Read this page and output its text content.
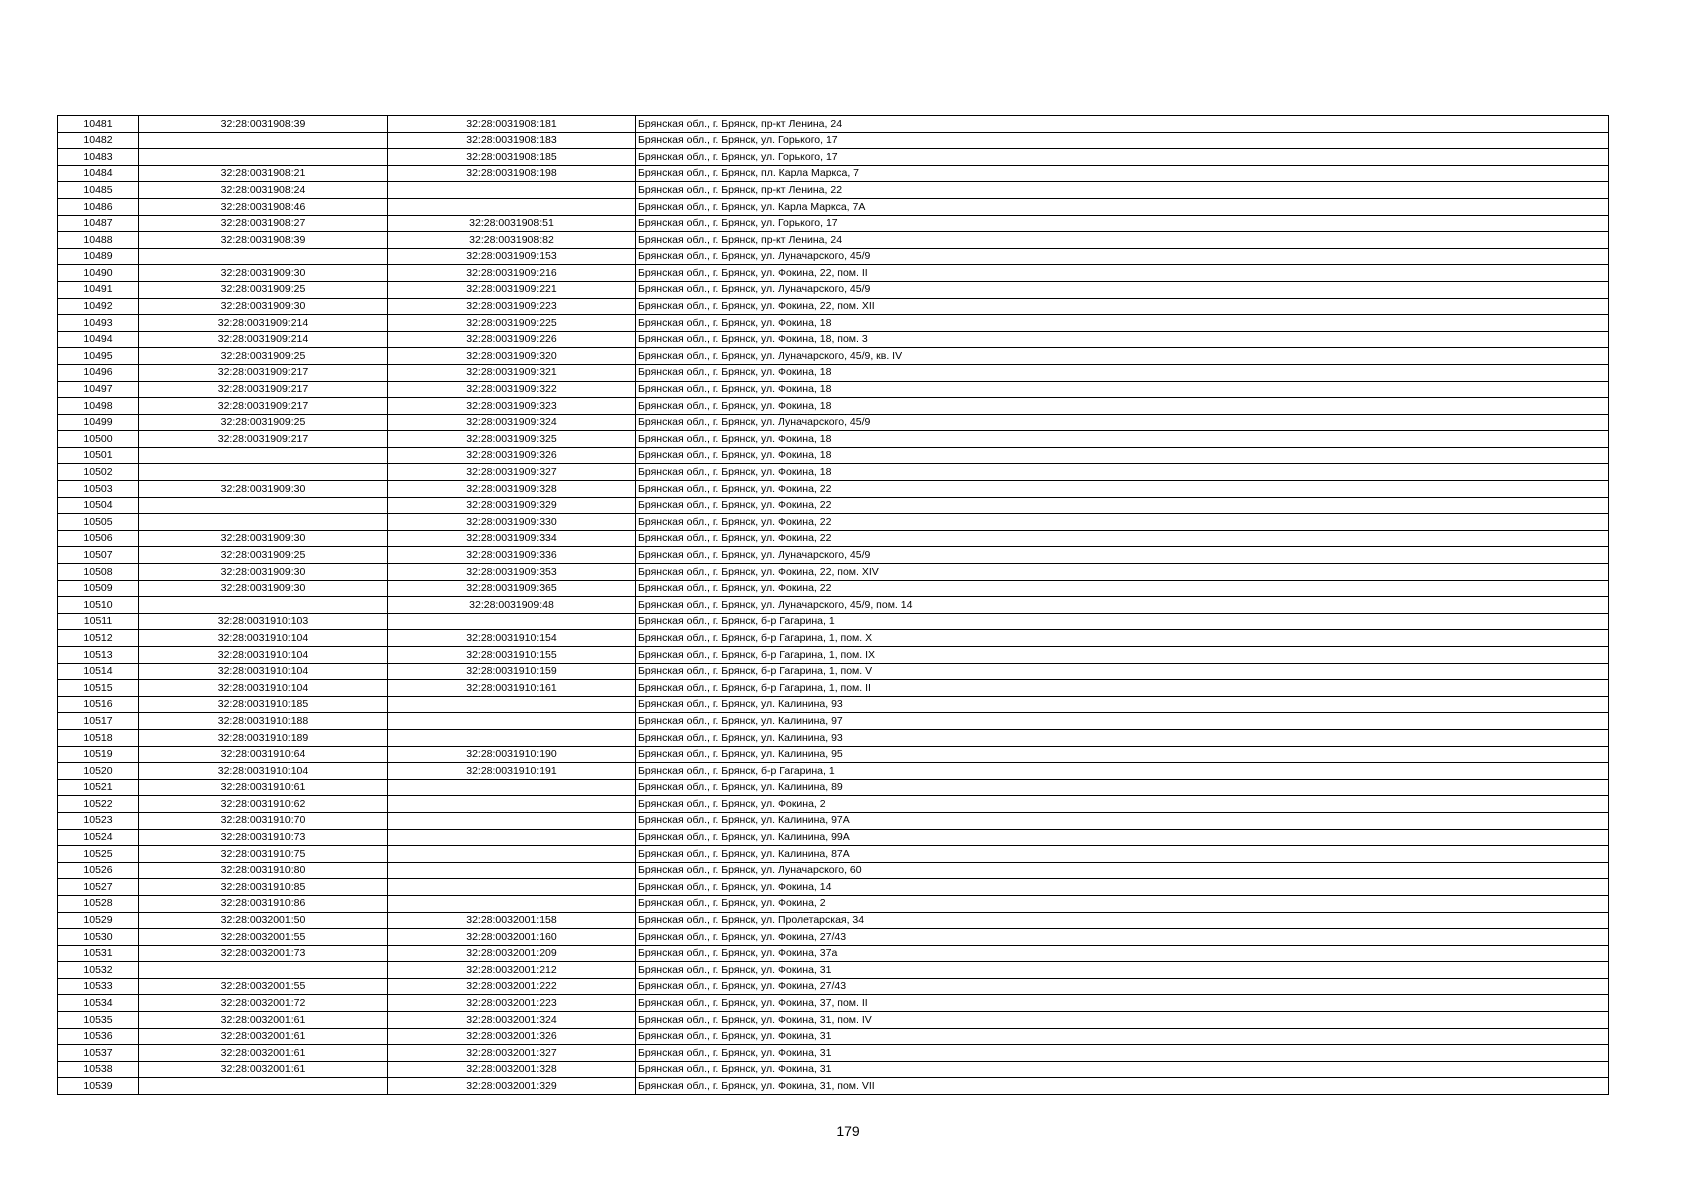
10481	32:28:0031908:39	32:28:0031908:181	Брянская обл., г. Брянск, пр-кт Ленина, 24
10482		32:28:0031908:183	Брянская обл., г. Брянск, ул. Горького, 17
10483		32:28:0031908:185	Брянская обл., г. Брянск, ул. Горького, 17
10484	32:28:0031908:21	32:28:0031908:198	Брянская обл., г. Брянск, пл. Карла Маркса, 7
10485	32:28:0031908:24		Брянская обл., г. Брянск, пр-кт Ленина, 22
10486	32:28:0031908:46		Брянская обл., г. Брянск, ул. Карла Маркса, 7А
10487	32:28:0031908:27	32:28:0031908:51	Брянская обл., г. Брянск, ул. Горького, 17
10488	32:28:0031908:39	32:28:0031908:82	Брянская обл., г. Брянск, пр-кт Ленина, 24
10489		32:28:0031909:153	Брянская обл., г. Брянск, ул. Луначарского, 45/9
10490	32:28:0031909:30	32:28:0031909:216	Брянская обл., г. Брянск, ул. Фокина, 22, пом. II
10491	32:28:0031909:25	32:28:0031909:221	Брянская обл., г. Брянск, ул. Луначарского, 45/9
10492	32:28:0031909:30	32:28:0031909:223	Брянская обл., г. Брянск, ул. Фокина, 22, пом. XII
10493	32:28:0031909:214	32:28:0031909:225	Брянская обл., г. Брянск, ул. Фокина, 18
10494	32:28:0031909:214	32:28:0031909:226	Брянская обл., г. Брянск, ул. Фокина, 18, пом. 3
10495	32:28:0031909:25	32:28:0031909:320	Брянская обл., г. Брянск, ул. Луначарского, 45/9, кв. IV
10496	32:28:0031909:217	32:28:0031909:321	Брянская обл., г. Брянск, ул. Фокина, 18
10497	32:28:0031909:217	32:28:0031909:322	Брянская обл., г. Брянск, ул. Фокина, 18
10498	32:28:0031909:217	32:28:0031909:323	Брянская обл., г. Брянск, ул. Фокина, 18
10499	32:28:0031909:25	32:28:0031909:324	Брянская обл., г. Брянск, ул. Луначарского, 45/9
10500	32:28:0031909:217	32:28:0031909:325	Брянская обл., г. Брянск, ул. Фокина, 18
10501		32:28:0031909:326	Брянская обл., г. Брянск, ул. Фокина, 18
10502		32:28:0031909:327	Брянская обл., г. Брянск, ул. Фокина, 18
10503	32:28:0031909:30	32:28:0031909:328	Брянская обл., г. Брянск, ул. Фокина, 22
10504		32:28:0031909:329	Брянская обл., г. Брянск, ул. Фокина, 22
10505		32:28:0031909:330	Брянская обл., г. Брянск, ул. Фокина, 22
10506	32:28:0031909:30	32:28:0031909:334	Брянская обл., г. Брянск, ул. Фокина, 22
10507	32:28:0031909:25	32:28:0031909:336	Брянская обл., г. Брянск, ул. Луначарского, 45/9
10508	32:28:0031909:30	32:28:0031909:353	Брянская обл., г. Брянск, ул. Фокина, 22, пом. XIV
10509	32:28:0031909:30	32:28:0031909:365	Брянская обл., г. Брянск, ул. Фокина, 22
10510		32:28:0031909:48	Брянская обл., г. Брянск, ул. Луначарского, 45/9, пом. 14
10511	32:28:0031910:103		Брянская обл., г. Брянск, б-р Гагарина, 1
10512	32:28:0031910:104	32:28:0031910:154	Брянская обл., г. Брянск, б-р Гагарина, 1, пом. X
10513	32:28:0031910:104	32:28:0031910:155	Брянская обл., г. Брянск, б-р Гагарина, 1, пом. IX
10514	32:28:0031910:104	32:28:0031910:159	Брянская обл., г. Брянск, б-р Гагарина, 1, пом. V
10515	32:28:0031910:104	32:28:0031910:161	Брянская обл., г. Брянск, б-р Гагарина, 1, пом. II
10516	32:28:0031910:185		Брянская обл., г. Брянск, ул. Калинина, 93
10517	32:28:0031910:188		Брянская обл., г. Брянск, ул. Калинина, 97
10518	32:28:0031910:189		Брянская обл., г. Брянск, ул. Калинина, 93
10519	32:28:0031910:64	32:28:0031910:190	Брянская обл., г. Брянск, ул. Калинина, 95
10520	32:28:0031910:104	32:28:0031910:191	Брянская обл., г. Брянск, б-р Гагарина, 1
10521	32:28:0031910:61		Брянская обл., г. Брянск, ул. Калинина, 89
10522	32:28:0031910:62		Брянская обл., г. Брянск, ул. Фокина, 2
10523	32:28:0031910:70		Брянская обл., г. Брянск, ул. Калинина, 97А
10524	32:28:0031910:73		Брянская обл., г. Брянск, ул. Калинина, 99А
10525	32:28:0031910:75		Брянская обл., г. Брянск, ул. Калинина, 87А
10526	32:28:0031910:80		Брянская обл., г. Брянск, ул. Луначарского, 60
10527	32:28:0031910:85		Брянская обл., г. Брянск, ул. Фокина, 14
10528	32:28:0031910:86		Брянская обл., г. Брянск, ул. Фокина, 2
10529	32:28:0032001:50	32:28:0032001:158	Брянская обл., г. Брянск, ул. Пролетарская, 34
10530	32:28:0032001:55	32:28:0032001:160	Брянская обл., г. Брянск, ул. Фокина, 27/43
10531	32:28:0032001:73	32:28:0032001:209	Брянская обл., г. Брянск, ул. Фокина, 37а
10532		32:28:0032001:212	Брянская обл., г. Брянск, ул. Фокина, 31
10533	32:28:0032001:55	32:28:0032001:222	Брянская обл., г. Брянск, ул. Фокина, 27/43
10534	32:28:0032001:72	32:28:0032001:223	Брянская обл., г. Брянск, ул. Фокина, 37, пом. II
10535	32:28:0032001:61	32:28:0032001:324	Брянская обл., г. Брянск, ул. Фокина, 31, пом. IV
10536	32:28:0032001:61	32:28:0032001:326	Брянская обл., г. Брянск, ул. Фокина, 31
10537	32:28:0032001:61	32:28:0032001:327	Брянская обл., г. Брянск, ул. Фокина, 31
10538	32:28:0032001:61	32:28:0032001:328	Брянская обл., г. Брянск, ул. Фокина, 31
10539		32:28:0032001:329	Брянская обл., г. Брянск, ул. Фокина, 31, пом. VII
179
